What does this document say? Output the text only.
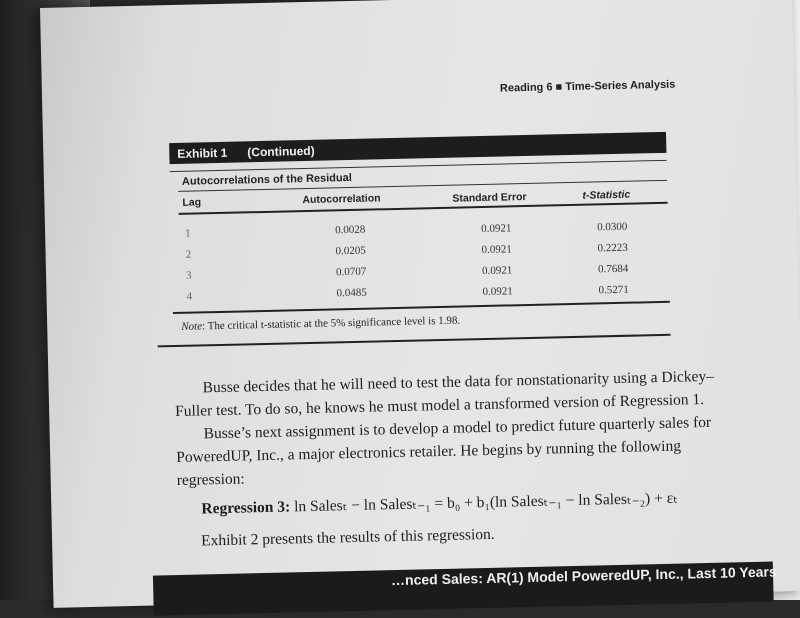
Reading 6 ■ Time-Series Analysis
Exhibit 1 (Continued)
Autocorrelations of the Residual
Lag	Autocorrelation	Standard Error	t-Statistic
1	0.0028	0.0921	0.0300
2	0.0205	0.0921	0.2223
3	0.0707	0.0921	0.7684
4	0.0485	0.0921	0.5271
Note: The critical t-statistic at the 5% significance level is 1.98.

Busse decides that he will need to test the data for nonstationarity using a Dickey–Fuller test. To do so, he knows he must model a transformed version of Regression 1.

Busse’s next assignment is to develop a model to predict future quarterly sales for PoweredUP, Inc., a major electronics retailer. He begins by running the following regression:

Regression 3: ln Salesₜ − ln Salesₜ₋₁ = b₀ + b₁(ln Salesₜ₋₁ − ln Salesₜ₋₂) + εₜ
Exhibit 2 presents the results of this regression.
…nced Sales: AR(1) Model PoweredUP, Inc., Last 10 Years
